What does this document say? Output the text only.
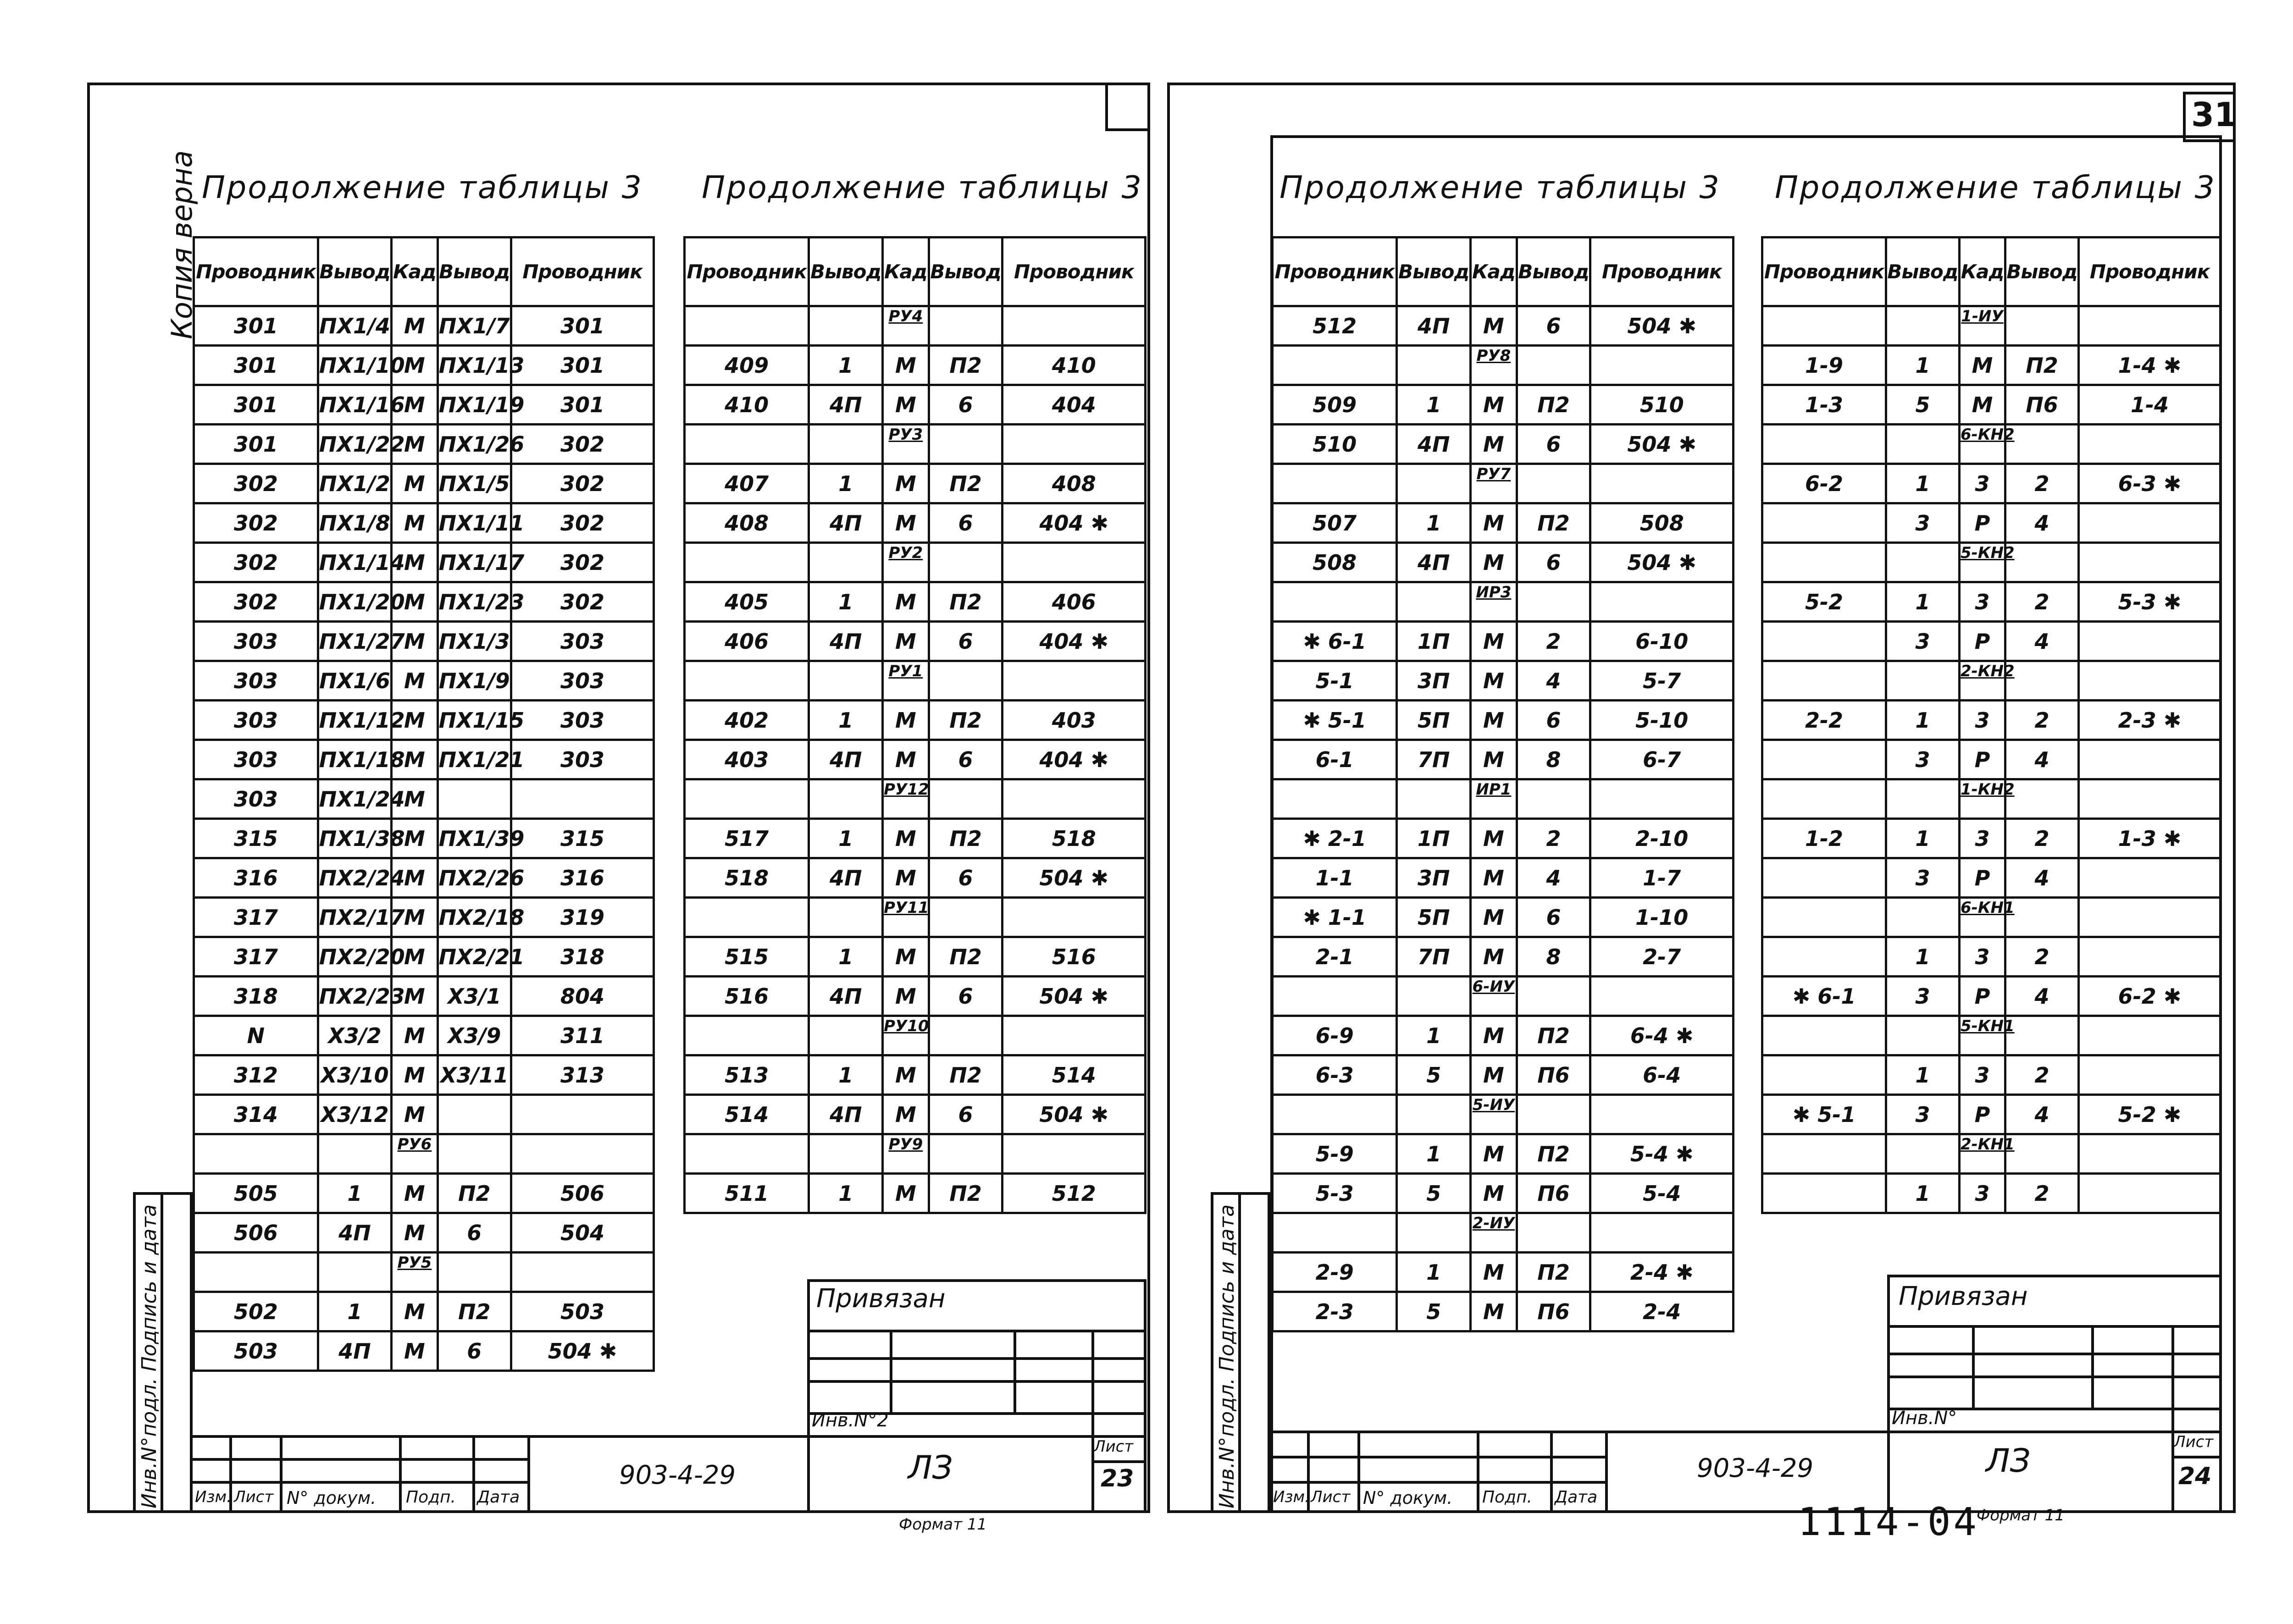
Копия верна Продолжение таблицы 3 Продолжение таблицы 3
Проводник	Вывод	Кад	Вывод	Проводник
301	ПХ1/4	М	ПХ1/7	301
301	ПХ1/10	М	ПХ1/13	301
301	ПХ1/16	М	ПХ1/19	301
301	ПХ1/22	М	ПХ1/26	302
302	ПХ1/2	М	ПХ1/5	302
302	ПХ1/8	М	ПХ1/11	302
302	ПХ1/14	М	ПХ1/17	302
302	ПХ1/20	М	ПХ1/23	302
303	ПХ1/27	М	ПХ1/3	303
303	ПХ1/6	М	ПХ1/9	303
303	ПХ1/12	М	ПХ1/15	303
303	ПХ1/18	М	ПХ1/21	303
303	ПХ1/24	М		
315	ПХ1/38	М	ПХ1/39	315
316	ПХ2/24	М	ПХ2/26	316
317	ПХ2/17	М	ПХ2/18	319
317	ПХ2/20	М	ПХ2/21	318
318	ПХ2/23	М	Х3/1	804
N	Х3/2	М	Х3/9	311
312	Х3/10	М	Х3/11	313
314	Х3/12	М		
		РУ6		
505	1	М	П2	506
506	4П	М	6	504
		РУ5		
502	1	М	П2	503
503	4П	М	6	504 ✱
Проводник	Вывод	Кад	Вывод	Проводник
		РУ4		
409	1	М	П2	410
410	4П	М	6	404
		РУ3		
407	1	М	П2	408
408	4П	М	6	404 ✱
		РУ2		
405	1	М	П2	406
406	4П	М	6	404 ✱
		РУ1		
402	1	М	П2	403
403	4П	М	6	404 ✱
		РУ12		
517	1	М	П2	518
518	4П	М	6	504 ✱
		РУ11		
515	1	М	П2	516
516	4П	М	6	504 ✱
		РУ10		
513	1	М	П2	514
514	4П	М	6	504 ✱
		РУ9		
511	1	М	П2	512
Инв.N°подл. Подпись и дата	Привязан
Инв.N°2
Изм. Лист N° докум. Подп. Дата
903-4-29	ЛЗ
Лист
23
Формат 11
31
Продолжение таблицы 3 Продолжение таблицы 3
Проводник	Вывод	Кад	Вывод	Проводник
512	4П	М	6	504 ✱
		РУ8		
509	1	М	П2	510
510	4П	М	6	504 ✱
		РУ7		
507	1	М	П2	508
508	4П	М	6	504 ✱
		ИР3		
✱ 6-1	1П	М	2	6-10
5-1	3П	М	4	5-7
✱ 5-1	5П	М	6	5-10
6-1	7П	М	8	6-7
		ИР1		
✱ 2-1	1П	М	2	2-10
1-1	3П	М	4	1-7
✱ 1-1	5П	М	6	1-10
2-1	7П	М	8	2-7
		6-ИУ		
6-9	1	М	П2	6-4 ✱
6-3	5	М	П6	6-4
		5-ИУ		
5-9	1	М	П2	5-4 ✱
5-3	5	М	П6	5-4
		2-ИУ		
2-9	1	М	П2	2-4 ✱
2-3	5	М	П6	2-4
Проводник	Вывод	Кад	Вывод	Проводник
		1-ИУ		
1-9	1	М	П2	1-4 ✱
1-3	5	М	П6	1-4
		6-КН2		
6-2	1	3	2	6-3 ✱
	3	Р	4	
		5-КН2		
5-2	1	3	2	5-3 ✱
	3	Р	4	
		2-КН2		
2-2	1	3	2	2-3 ✱
	3	Р	4	
		1-КН2		
1-2	1	3	2	1-3 ✱
	3	Р	4	
		6-КН1		
	1	3	2	
✱ 6-1	3	Р	4	6-2 ✱
		5-КН1		
	1	3	2	
✱ 5-1	3	Р	4	5-2 ✱
		2-КН1		
	1	3	2	
Инв.N°подл. Подпись и дата	Привязан
Инв.N°
Изм. Лист N° докум. Подп. Дата
903-4-29	ЛЗ	Лист
24
1114-04
Формат 11
